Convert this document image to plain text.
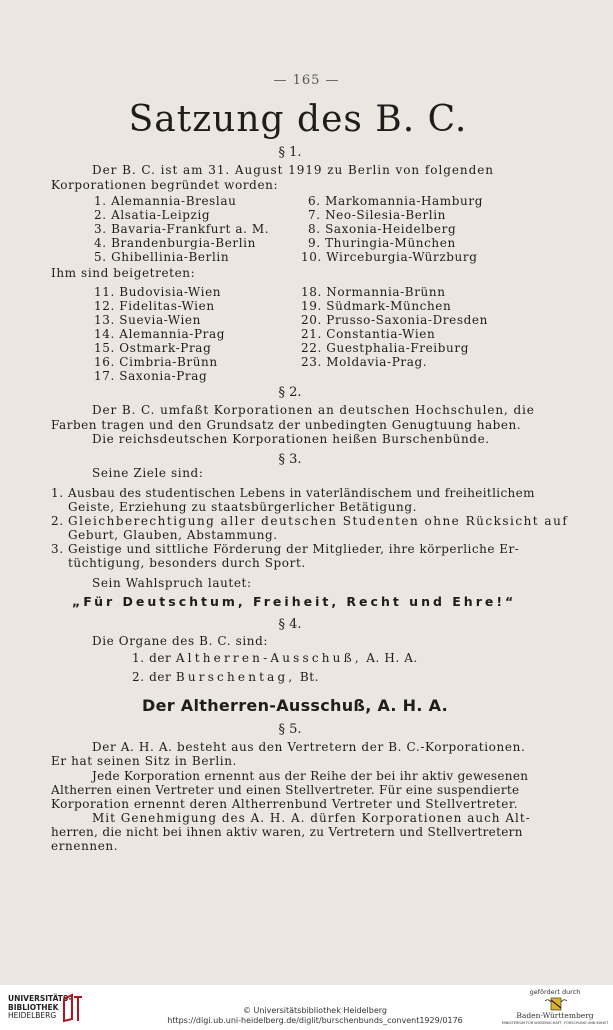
— 165 —
Satzung des B. C.
§ 1.
Der B. C. ist am 31. August 1919 zu Berlin von folgenden
Korporationen begründet worden:
1. Alemannia-Breslau
2. Alsatia-Leipzig
3. Bavaria-Frankfurt a. M.
4. Brandenburgia-Berlin
5. Ghibellinia-Berlin
6. Markomannia-Hamburg
7. Neo-Silesia-Berlin
8. Saxonia-Heidelberg
9. Thuringia-München
10. Wirceburgia-Würzburg
Ihm sind beigetreten:
11. Budovisia-Wien
12. Fidelitas-Wien
13. Suevia-Wien
14. Alemannia-Prag
15. Ostmark-Prag
16. Cimbria-Brünn
17. Saxonia-Prag
18. Normannia-Brünn
19. Südmark-München
20. Prusso-Saxonia-Dresden
21. Constantia-Wien
22. Guestphalia-Freiburg
23. Moldavia-Prag.
§ 2.
Der B. C. umfaßt Korporationen an deutschen Hochschulen, die
Farben tragen und den Grundsatz der unbedingten Genugtuung haben.
Die reichsdeutschen Korporationen heißen Burschenbünde.
§ 3.
Seine Ziele sind:
1. Ausbau des studentischen Lebens in vaterländischem und freiheitlichem
Geiste, Erziehung zu staatsbürgerlicher Betätigung.
2. Gleichberechtigung aller deutschen Studenten ohne Rücksicht auf
Geburt, Glauben, Abstammung.
3. Geistige und sittliche Förderung der Mitglieder, ihre körperliche Er-
tüchtigung, besonders durch Sport.
Sein Wahlspruch lautet:
„Für Deutschtum, Freiheit, Recht und Ehre!“
§ 4.
Die Organe des B. C. sind:
1. der Altherren-Ausschuß, A. H. A.
2. der Burschentag, Bt.
Der Altherren-Ausschuß, A. H. A.
§ 5.
Der A. H. A. besteht aus den Vertretern der B. C.-Korporationen.
Er hat seinen Sitz in Berlin.
Jede Korporation ernennt aus der Reihe der bei ihr aktiv gewesenen
Altherren einen Vertreter und einen Stellvertreter. Für eine suspendierte
Korporation ernennt deren Altherrenbund Vertreter und Stellvertreter.
Mit Genehmigung des A. H. A. dürfen Korporationen auch Alt-
herren, die nicht bei ihnen aktiv waren, zu Vertretern und Stellvertretern
ernennen.
UNIVERSITÄTS-
BIBLIOTHEK
HEIDELBERG
© Universitätsbibliothek Heidelberg
https://digi.ub.uni-heidelberg.de/diglit/burschenbunds_convent1929/0176
gefördert durch
Baden-Württemberg
MINISTERIUM FÜR WISSENSCHAFT, FORSCHUNG UND KUNST
